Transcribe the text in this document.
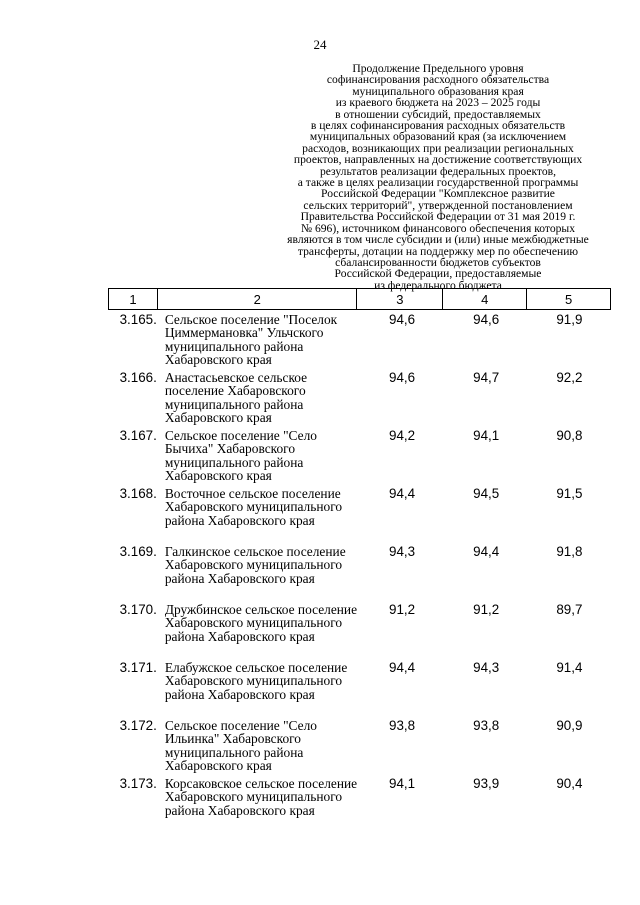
24
Продолжение Предельного уровня
софинансирования расходного обязательства
муниципального образования края
из краевого бюджета на 2023 – 2025 годы
в отношении субсидий, предоставляемых
в целях софинансирования расходных обязательств
муниципальных образований края (за исключением
расходов, возникающих при реализации региональных
проектов, направленных на достижение соответствующих
результатов реализации федеральных проектов,
а также в целях реализации государственной программы
Российской Федерации "Комплексное развитие
сельских территорий", утвержденной постановлением
Правительства Российской Федерации от 31 мая 2019 г.
№ 696), источником финансового обеспечения которых
являются в том числе субсидии и (или) иные межбюджетные
трансферты, дотации на поддержку мер по обеспечению
сбалансированности бюджетов субъектов
Российской Федерации, предоставляемые
из федерального бюджета
1	2	3	4	5
3.165.	Сельское поселение "Поселок Циммермановка" Ульчского муниципального района Хабаровского края	94,6	94,6	91,9
3.166.	Анастасьевское сельское поселение Хабаровского муниципального района Хабаровского края	94,6	94,7	92,2
3.167.	Сельское поселение "Село Бычиха" Хабаровского муниципального района Хабаровского края	94,2	94,1	90,8
3.168.	Восточное сельское поселение Хабаровского муниципального района Хабаровского края	94,4	94,5	91,5
3.169.	Галкинское сельское поселение Хабаровского муниципального района Хабаровского края	94,3	94,4	91,8
3.170.	Дружбинское сельское поселение Хабаровского муниципального района Хабаровского края	91,2	91,2	89,7
3.171.	Елабужское сельское поселение Хабаровского муниципального района Хабаровского края	94,4	94,3	91,4
3.172.	Сельское поселение "Село Ильинка" Хабаровского муниципального района Хабаровского края	93,8	93,8	90,9
3.173.	Корсаковское сельское поселение Хабаровского муниципального района Хабаровского края	94,1	93,9	90,4
